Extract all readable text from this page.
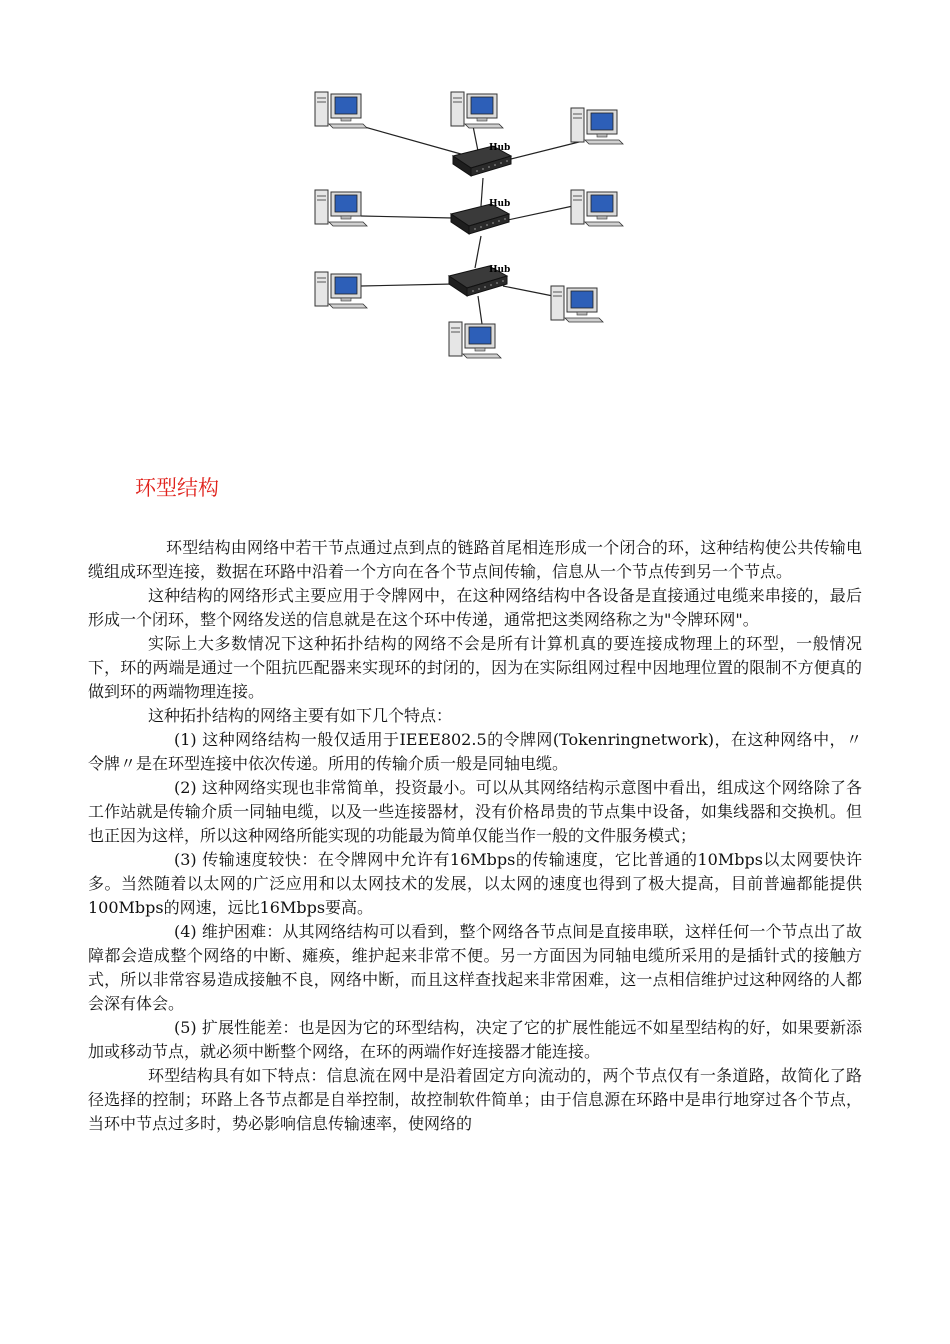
Hub
Hub
Hub
环型结构

环型结构由网络中若干节点通过点到点的链路首尾相连形成一个闭合的环，这种结构使公共传输电缆组成环型连接，数据在环路中沿着一个方向在各个节点间传输，信息从一个节点传到另一个节点。

这种结构的网络形式主要应用于令牌网中，在这种网络结构中各设备是直接通过电缆来串接的，最后形成一个闭环，整个网络发送的信息就是在这个环中传递，通常把这类网络称之为"令牌环网"。

实际上大多数情况下这种拓扑结构的网络不会是所有计算机真的要连接成物理上的环型，一般情况下，环的两端是通过一个阻抗匹配器来实现环的封闭的，因为在实际组网过程中因地理位置的限制不方便真的做到环的两端物理连接。

这种拓扑结构的网络主要有如下几个特点：

(1) 这种网络结构一般仅适用于IEEE802.5的令牌网(Tokenringnetwork)，在这种网络中，〃令牌〃是在环型连接中依次传递。所用的传输介质一般是同轴电缆。

(2) 这种网络实现也非常简单，投资最小。可以从其网络结构示意图中看出，组成这个网络除了各工作站就是传输介质一同轴电缆，以及一些连接器材，没有价格昂贵的节点集中设备，如集线器和交换机。但也正因为这样，所以这种网络所能实现的功能最为简单仅能当作一般的文件服务模式；

(3) 传输速度较快：在令牌网中允许有16Mbps的传输速度，它比普通的10Mbps以太网要快许多。当然随着以太网的广泛应用和以太网技术的发展，以太网的速度也得到了极大提高，目前普遍都能提供100Mbps的网速，远比16Mbps要高。

(4) 维护困难：从其网络结构可以看到，整个网络各节点间是直接串联，这样任何一个节点出了故障都会造成整个网络的中断、瘫痪，维护起来非常不便。另一方面因为同轴电缆所采用的是插针式的接触方式，所以非常容易造成接触不良，网络中断，而且这样查找起来非常困难，这一点相信维护过这种网络的人都会深有体会。

(5) 扩展性能差：也是因为它的环型结构，决定了它的扩展性能远不如星型结构的好，如果要新添加或移动节点，就必须中断整个网络，在环的两端作好连接器才能连接。

环型结构具有如下特点：信息流在网中是沿着固定方向流动的，两个节点仅有一条道路，故简化了路径选择的控制；环路上各节点都是自举控制，故控制软件简单；由于信息源在环路中是串行地穿过各个节点，当环中节点过多时，势必影响信息传输速率，使网络的
